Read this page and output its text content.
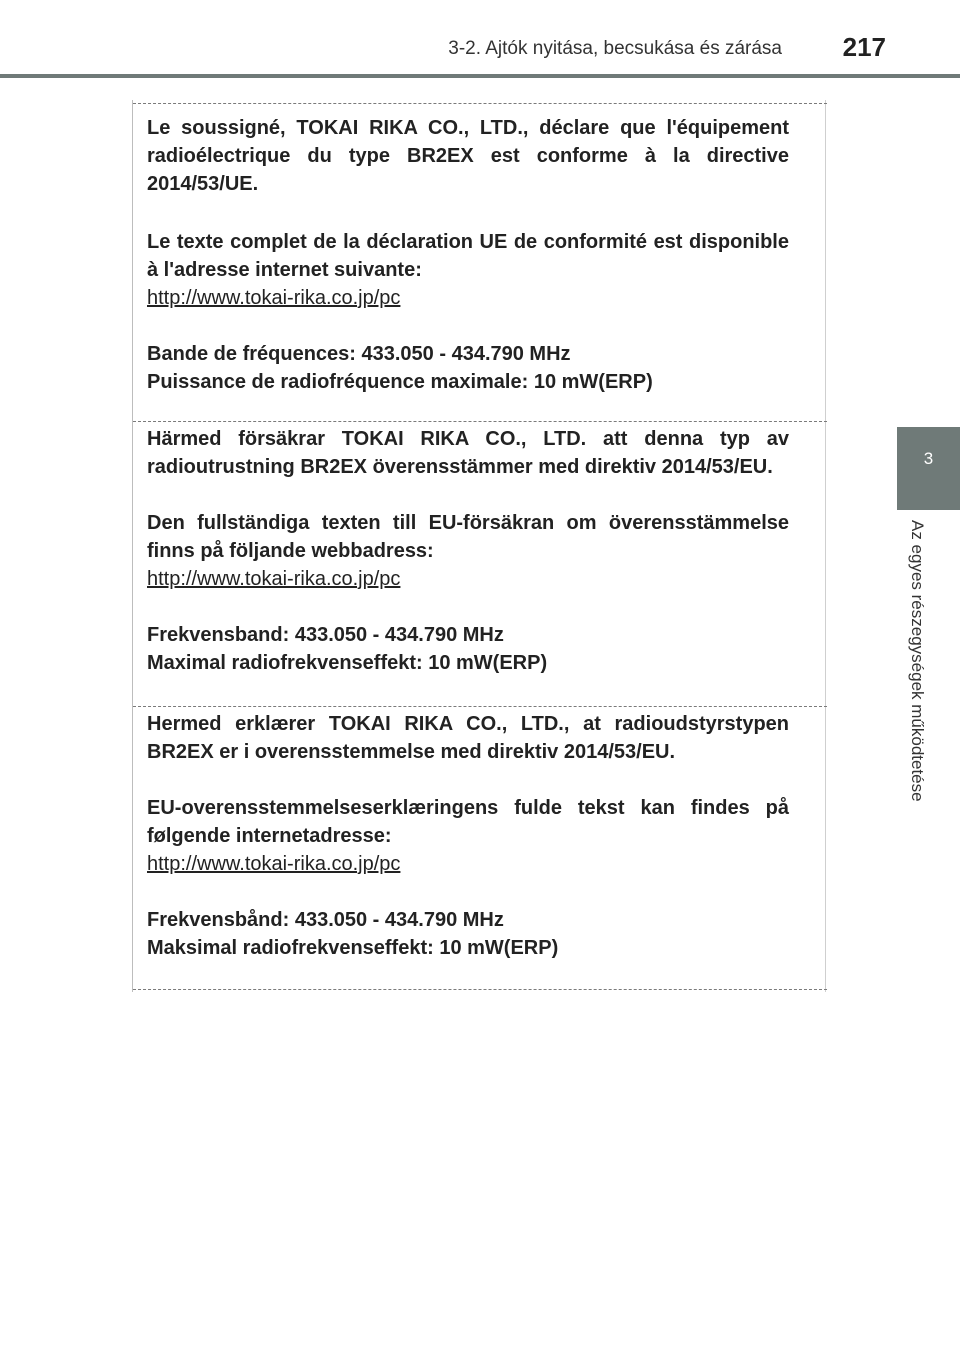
3-2. Ajtók nyitása, becsukása és zárása 217
3
Az egyes részegységek működtetése
Le soussigné, TOKAI RIKA CO., LTD., déclare que l'équipement radioélectrique du type BR2EX est conforme à la directive 2014/53/UE.
Le texte complet de la déclaration UE de conformité est disponible à l'adresse internet suivante:
http://www.tokai-rika.co.jp/pc
Bande de fréquences: 433.050 - 434.790 MHz
Puissance de radiofréquence maximale: 10 mW(ERP)
Härmed försäkrar TOKAI RIKA CO., LTD. att denna typ av radioutrustning BR2EX överensstämmer med direktiv 2014/53/EU.
Den fullständiga texten till EU-försäkran om överensstämmelse finns på följande webbadress:
http://www.tokai-rika.co.jp/pc
Frekvensband: 433.050 - 434.790 MHz
Maximal radiofrekvenseffekt: 10 mW(ERP)
Hermed erklærer TOKAI RIKA CO., LTD., at radioudstyrstypen BR2EX er i overensstemmelse med direktiv 2014/53/EU.
EU-overensstemmelseserklæringens fulde tekst kan findes på følgende internetadresse:
http://www.tokai-rika.co.jp/pc
Frekvensbånd: 433.050 - 434.790 MHz
Maksimal radiofrekvenseffekt: 10 mW(ERP)
